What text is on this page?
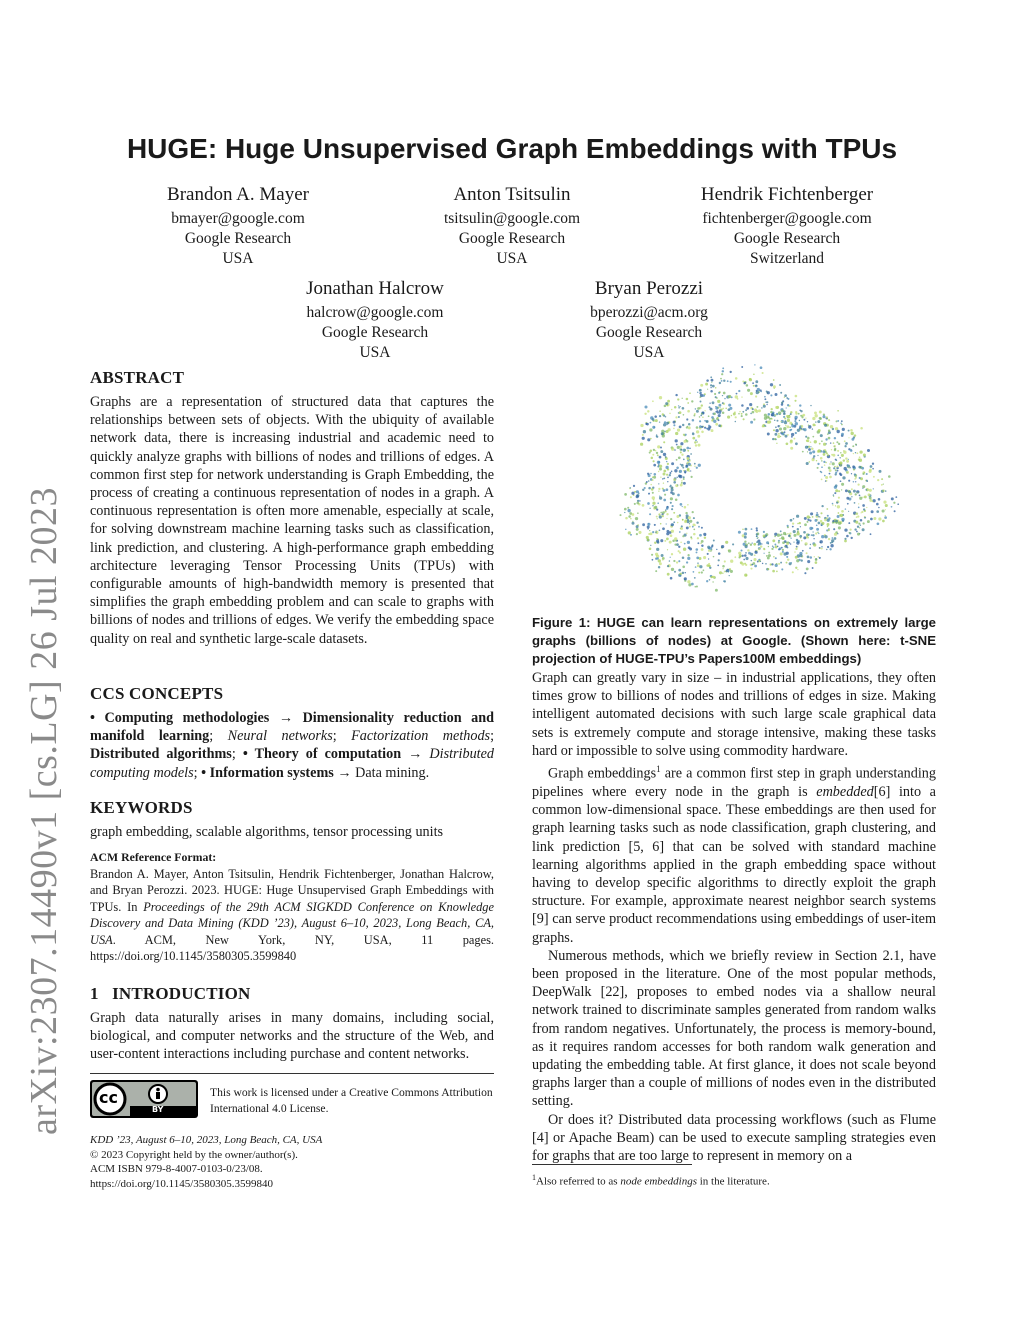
arXiv:2307.14490v1 [cs.LG] 26 Jul 2023
HUGE: Huge Unsupervised Graph Embeddings with TPUs
Brandon A. Mayer
bmayer@google.com
Google Research
USA
Anton Tsitsulin
tsitsulin@google.com
Google Research
USA
Hendrik Fichtenberger
fichtenberger@google.com
Google Research
Switzerland
Jonathan Halcrow
halcrow@google.com
Google Research
USA
Bryan Perozzi
bperozzi@acm.org
Google Research
USA
ABSTRACT
Graphs are a representation of structured data that captures the relationships between sets of objects. With the ubiquity of available network data, there is increasing industrial and academic need to quickly analyze graphs with billions of nodes and trillions of edges. A common first step for network understanding is Graph Embedding, the process of creating a continuous representation of nodes in a graph. A continuous representation is often more amenable, especially at scale, for solving downstream machine learning tasks such as classification, link prediction, and clustering. A high-performance graph embedding architecture leveraging Tensor Processing Units (TPUs) with configurable amounts of high-bandwidth memory is presented that simplifies the graph embedding problem and can scale to graphs with billions of nodes and trillions of edges. We verify the embedding space quality on real and synthetic large-scale datasets.
CCS CONCEPTS
• Computing methodologies → Dimensionality reduction and manifold learning; Neural networks; Factorization methods; Distributed algorithms; • Theory of computation → Distributed computing models; • Information systems → Data mining.
KEYWORDS
graph embedding, scalable algorithms, tensor processing units
ACM Reference Format:
Brandon A. Mayer, Anton Tsitsulin, Hendrik Fichtenberger, Jonathan Halcrow, and Bryan Perozzi. 2023. HUGE: Huge Unsupervised Graph Embeddings with TPUs. In Proceedings of the 29th ACM SIGKDD Conference on Knowledge Discovery and Data Mining (KDD ’23), August 6–10, 2023, Long Beach, CA, USA. ACM, New York, NY, USA, 11 pages. https://doi.org/10.1145/3580305.3599840
1 INTRODUCTION
Graph data naturally arises in many domains, including social, biological, and computer networks and the structure of the Web, and user-content interactions including purchase and content networks.
cc
BY
This work is licensed under a Creative Commons Attribution International 4.0 License.
KDD ’23, August 6–10, 2023, Long Beach, CA, USA
© 2023 Copyright held by the owner/author(s).
ACM ISBN 979-8-4007-0103-0/23/08.
https://doi.org/10.1145/3580305.3599840
Figure 1: HUGE can learn representations on extremely large graphs (billions of nodes) at Google. (Shown here: t-SNE projection of HUGE-TPU’s Papers100M embeddings)

Graph can greatly vary in size – in industrial applications, they often times grow to billions of nodes and trillions of edges in size. Making intelligent automated decisions with such large scale graphical data sets is extremely compute and storage intensive, making these tasks hard or impossible to solve using commodity hardware.

Graph embeddings$^1$ are a common first step in graph understanding pipelines where every node in the graph is embedded[6] into a common low-dimensional space. These embeddings are then used for graph learning tasks such as node classification, graph clustering, and link prediction [5, 6] that can be solved with standard machine learning algorithms applied in the graph embedding space without having to develop specific algorithms to directly exploit the graph structure. For example, approximate nearest neighbor search systems [9] can serve product recommendations using embeddings of user-item graphs.

Numerous methods, which we briefly review in Section 2.1, have been proposed in the literature. One of the most popular methods, DeepWalk [22], proposes to embed nodes via a shallow neural network trained to discriminate samples generated from random walks from random negatives. Unfortunately, the process is memory-bound, as it requires random accesses for both random walk generation and updating the embedding table. At first glance, it does not scale beyond graphs larger than a couple of millions of nodes even in the distributed setting.

Or does it? Distributed data processing workflows (such as Flume [4] or Apache Beam) can be used to execute sampling strategies even for graphs that are too large to represent in memory on a

$^1$Also referred to as node embeddings in the literature.
